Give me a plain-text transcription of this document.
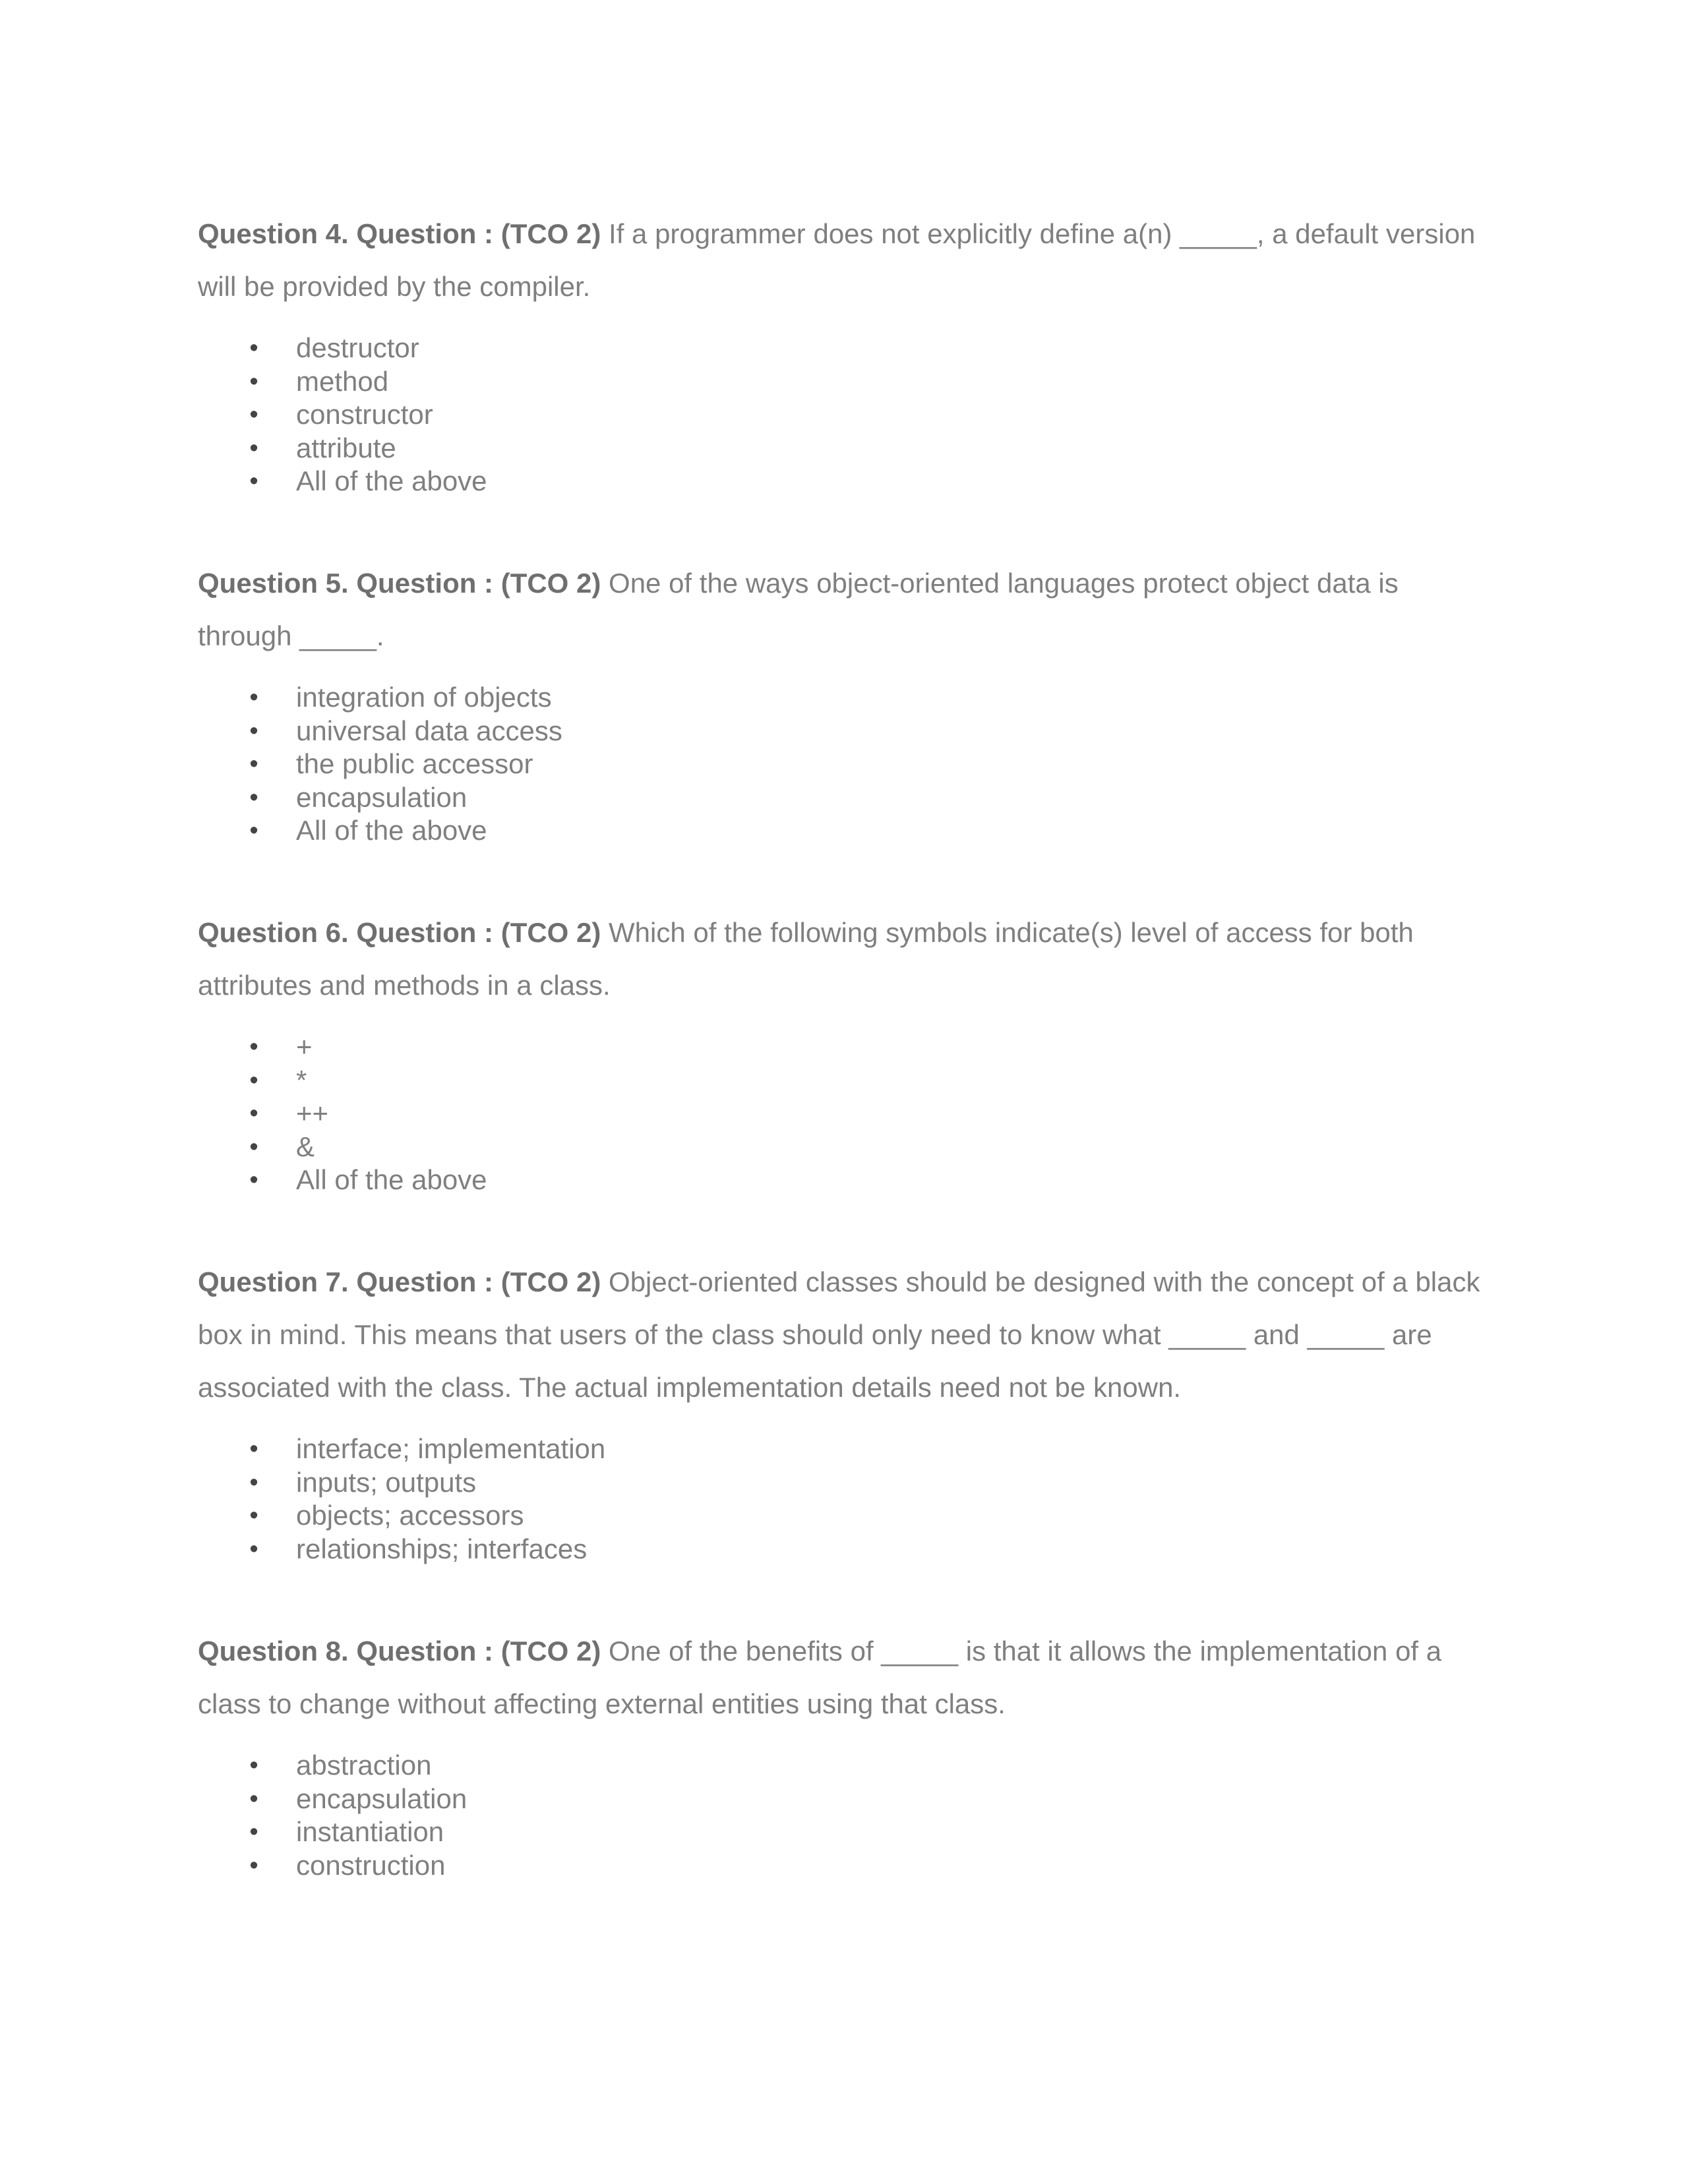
Question 4. Question : (TCO 2) If a programmer does not explicitly define a(n) _____, a default version will be provided by the compiler.

• destructor
• method
• constructor
• attribute
• All of the above

Question 5. Question : (TCO 2) One of the ways object-oriented languages protect object data is through _____.

• integration of objects
• universal data access
• the public accessor
• encapsulation
• All of the above

Question 6. Question : (TCO 2) Which of the following symbols indicate(s) level of access for both attributes and methods in a class.

• +
• *
• ++
• &
• All of the above

Question 7. Question : (TCO 2) Object-oriented classes should be designed with the concept of a black box in mind. This means that users of the class should only need to know what _____ and _____ are associated with the class. The actual implementation details need not be known.

• interface; implementation
• inputs; outputs
• objects; accessors
• relationships; interfaces

Question 8. Question : (TCO 2) One of the benefits of _____ is that it allows the implementation of a class to change without affecting external entities using that class.

• abstraction
• encapsulation
• instantiation
• construction
